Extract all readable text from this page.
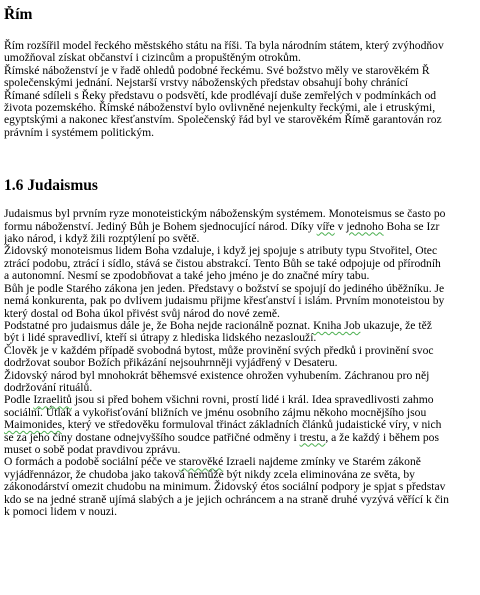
Řím

Řím rozšířil model řeckého městského státu na říši. Ta byla národním státem, který zvýhodňov

umožňoval získat občanství i cizincům a propuštěným otrokům.

Římské náboženství je v řadě ohledů podobné řeckému. Své božstvo měly ve starověkém Ř

společenskými jednání. Nejstarší vrstvy náboženských představ obsahují bohy chránící

Římané sdíleli s Řeky představu o podsvětí, kde prodlévají duše zemřelých v podmínkách od

života pozemského. Římské náboženství bylo ovlivněné nejenkulty řeckými, ale i etruskými,

egyptskými a nakonec křesťanstvím. Společenský řád byl ve starověkém Římě garantován roz

právním i systémem politickým.

1.6 Judaismus

Judaismus byl prvním ryze monoteistickým náboženským systémem. Monoteismus se často po

formu náboženství. Jediný Bůh je Bohem sjednocující národ. Díky víře v jednoho Boha se Izr

jako národ, i když žili rozptýlení po světě.

Židovský monoteismus lidem Boha vzdaluje, i když jej spojuje s atributy typu Stvořitel, Otec

ztrácí podobu, ztrácí i sídlo, stává se čistou abstrakcí. Tento Bůh se také odpojuje od přírodníh

a autonomní. Nesmí se zpodobňovat a také jeho jméno je do značné míry tabu.

Bůh je podle Starého zákona jen jeden. Představy o božství se spojují do jediného úběžníku. Je

nemá konkurenta, pak po dvlivem judaismu přijme křesťanství i islám. Prvním monoteistou by

který dostal od Boha úkol přivést svůj národ do nové země.

Podstatné pro judaismus dále je, že Boha nejde racionálně poznat. Kniha Job ukazuje, že těž

být i lidé spravedliví, kteří si útrapy z hlediska lidského nezaslouží.

Člověk je v každém případě svobodná bytost, může provinění svých předků i provinění svoc

dodržovat soubor Božích přikázání nejsouhrnněji vyjádřený v Desateru.

Židovský národ byl mnohokrát běhemsvé existence ohrožen vyhubením. Záchranou pro něj

dodržování rituálů.

Podle Izraelitů jsou si před bohem všichni rovni, prostí lidé i král. Idea spravedlivosti zahmo

sociální. Útlak a vykořisťování bližních ve jménu osobního zájmu někoho mocnějšího jsou

Maimonides, který ve středověku formuloval třináct základních článků judaistické víry, v nich

se za jeho činy dostane odnejvyššího soudce patřičné odměny i trestu, a že každý i během pos

muset o sobě podat pravdivou zprávu.

O formách a podobě sociální péče ve starověké Izraeli najdeme zmínky ve Starém zákoně

vyjádřennázor, že chudoba jako taková nemůže být nikdy zcela eliminována ze světa, by

zákonodárství omezit chudobu na minimum. Židovský étos sociální podpory je spjat s představ

kdo se na jedné straně ujímá slabých a je jejich ochráncem a na straně druhé vyzývá věřící k čin

k pomoci lidem v nouzi.
